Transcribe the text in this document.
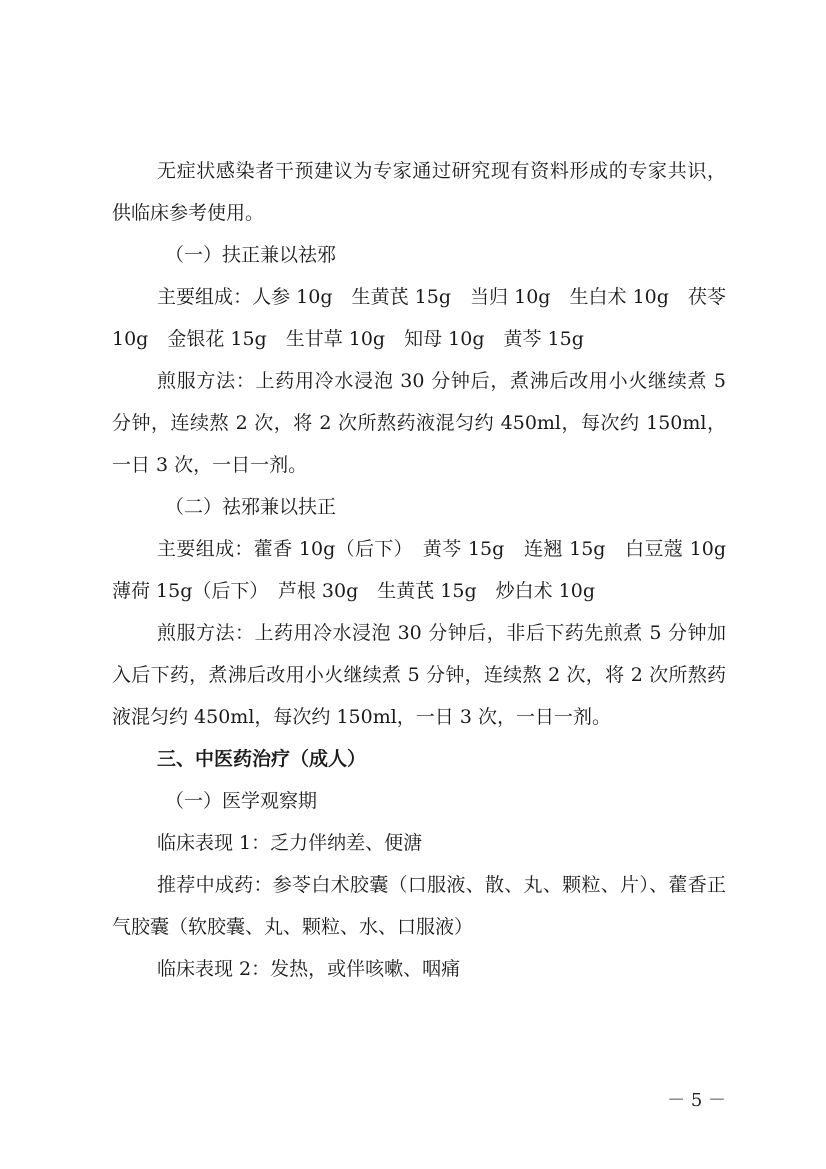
无症状感染者干预建议为专家通过研究现有资料形成的专家共识，供临床参考使用。

（一）扶正兼以祛邪

主要组成：人参 10g　生黄芪 15g　当归 10g　生白术 10g　茯苓 10g　金银花 15g　生甘草 10g　知母 10g　黄芩 15g

煎服方法：上药用冷水浸泡 30 分钟后，煮沸后改用小火继续煮 5 分钟，连续熬 2 次，将 2 次所熬药液混匀约 450ml，每次约 150ml，一日 3 次，一日一剂。

（二）祛邪兼以扶正

主要组成：藿香 10g（后下）　黄芩 15g　连翘 15g　白豆蔻 10g　薄荷 15g（后下）　芦根 30g　生黄芪 15g　炒白术 10g

煎服方法：上药用冷水浸泡 30 分钟后，非后下药先煎煮 5 分钟加入后下药，煮沸后改用小火继续煮 5 分钟，连续熬 2 次，将 2 次所熬药液混匀约 450ml，每次约 150ml，一日 3 次，一日一剂。

三、中医药治疗（成人）

（一）医学观察期

临床表现 1：乏力伴纳差、便溏

推荐中成药：参苓白术胶囊（口服液、散、丸、颗粒、片）、藿香正气胶囊（软胶囊、丸、颗粒、水、口服液）

临床表现 2：发热，或伴咳嗽、咽痛

－ 5 －
